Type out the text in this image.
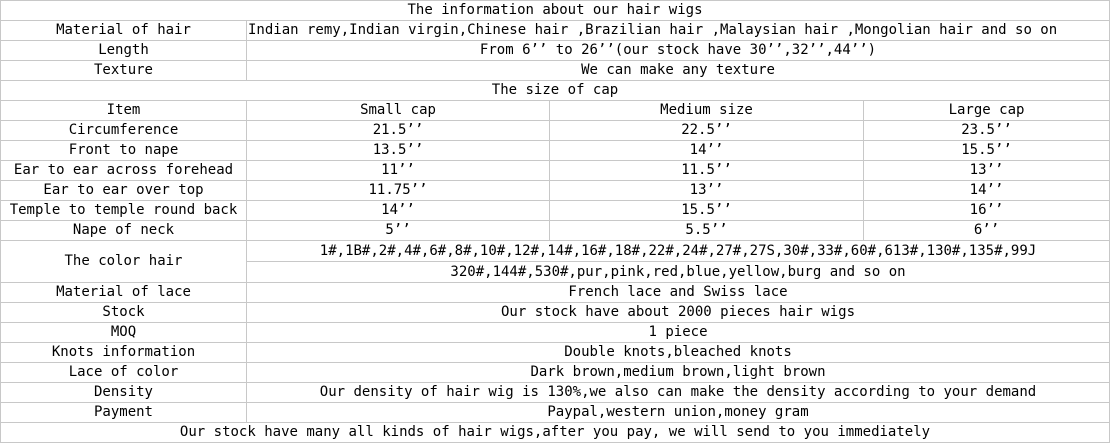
The information about our hair wigs			
Material of hair	Indian remy,Indian virgin,Chinese hair ,Brazilian hair ,Malaysian hair ,Mongolian hair and so on		
Length	From 6’’ to 26’’(our stock have 30’’,32’’,44’’)		
Texture	We can make any texture		
The size of cap			
Item	Small cap	Medium size	Large cap
Circumference	21.5’’	22.5’’	23.5’’
Front to nape	13.5’’	14’’	15.5’’
Ear to ear across forehead	11’’	11.5’’	13’’
Ear to ear over top	11.75’’	13’’	14’’
Temple to temple round back	14’’	15.5’’	16’’
Nape of neck	5’’	5.5’’	6’’
The color hair	1#,1B#,2#,4#,6#,8#,10#,12#,14#,16#,18#,22#,24#,27#,27S,30#,33#,60#,613#,130#,135#,99J		
	320#,144#,530#,pur,pink,red,blue,yellow,burg and so on		
Material of lace	French lace and Swiss lace		
Stock	Our stock have about 2000 pieces hair wigs		
MOQ	1 piece		
Knots information	Double knots,bleached knots		
Lace of color	Dark brown,medium brown,light brown		
Density	Our density of hair wig is 130%,we also can make the density according to your demand		
Payment	Paypal,western union,money gram		
Our stock have many all kinds of hair wigs,after you pay, we will send to you immediately			
